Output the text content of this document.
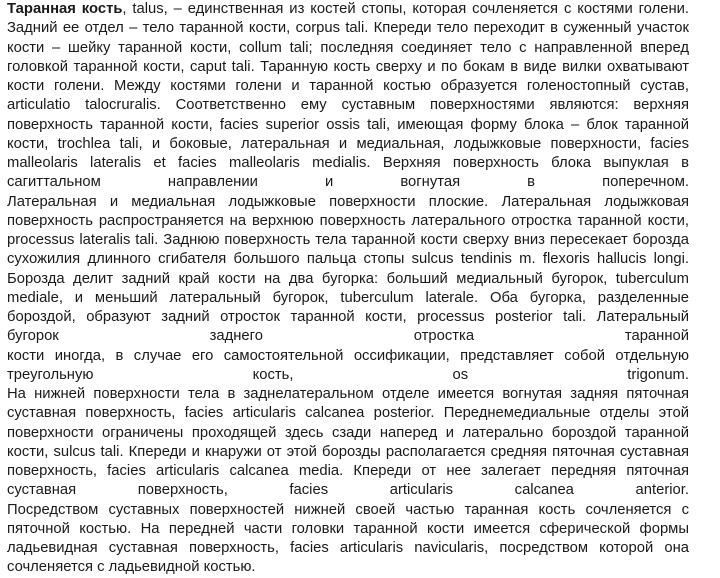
Таранная кость, talus, – единственная из костей стопы, которая сочленяется с костями голени.
Задний ее отдел – тело таранной кости, corpus tali. Кпереди тело переходит в суженный участок
кости – шейку таранной кости, collum tali; последняя соединяет тело с направленной вперед
головкой таранной кости, caput tali. Таранную кость сверху и по бокам в виде вилки охватывают
кости голени. Между костями голени и таранной костью образуется голеностопный сустав,
articulatio talocruralis. Соответственно ему суставным поверхностями являются: верхняя
поверхность таранной кости, facies superior ossis tali, имеющая форму блока – блок таранной
кости, trochlea tali, и боковые, латеральная и медиальная, лодыжковые поверхности, facies
malleolaris lateralis et facies malleolaris medialis. Верхняя поверхность блока выпуклая в
сагиттальном направлении и вогнутая в поперечном.
Латеральная и медиальная лодыжковые поверхности плоские. Латеральная лодыжковая
поверхность распространяется на верхнюю поверхность латерального отростка таранной кости,
processus lateralis tali. Заднюю поверхность тела таранной кости сверху вниз пересекает борозда
сухожилия длинного сгибателя большого пальца стопы sulcus tendinis m. flexoris hallucis longi.
Борозда делит задний край кости на два бугорка: больший медиальный бугорок, tuberculum
mediale, и меньший латеральный бугорок, tuberculum laterale. Оба бугорка, разделенные
бороздой, образуют задний отросток таранной кости, processus posterior tali. Латеральный
бугорок заднего отростка таранной
кости иногда, в случае его самостоятельной оссификации, представляет собой отдельную
треугольную кость, os trigonum.
На нижней поверхности тела в заднелатеральном отделе имеется вогнутая задняя пяточная
суставная поверхность, facies articularis calcanea posterior. Переднемедиальные отделы этой
поверхности ограничены проходящей здесь сзади наперед и латерально бороздой таранной
кости, sulcus tali. Кпереди и кнаружи от этой борозды располагается средняя пяточная суставная
поверхность, facies articularis calcanea media. Кпереди от нее залегает передняя пяточная
суставная поверхность, facies articularis calcanea anterior.
Посредством суставных поверхностей нижней своей частью таранная кость сочленяется с
пяточной костью. На передней части головки таранной кости имеется сферической формы
ладьевидная суставная поверхность, facies articularis navicularis, посредством которой она
сочленяется с ладьевидной костью.
